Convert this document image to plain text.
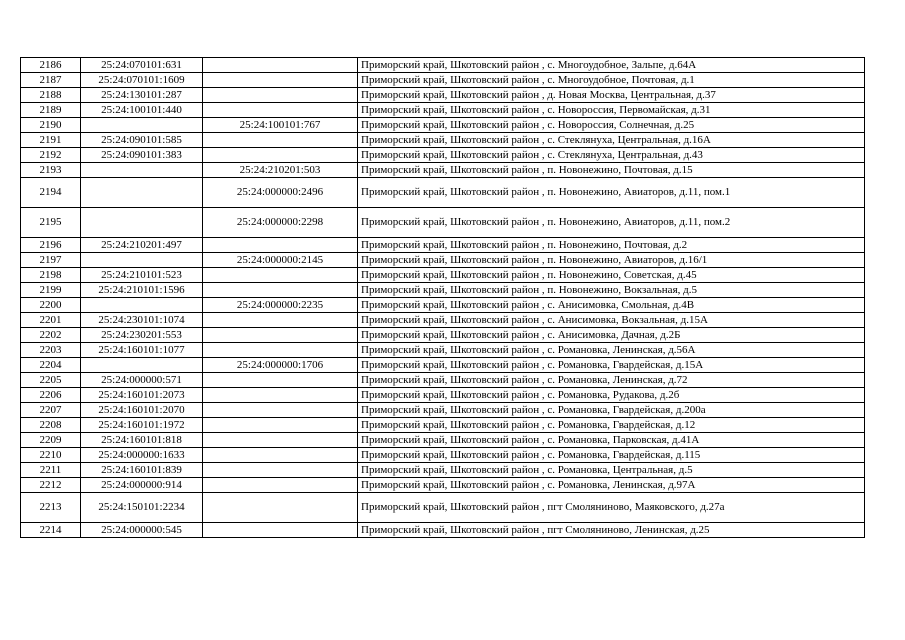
2186	25:24:070101:631		Приморский край, Шкотовский район , с. Многоудобное, Зальпе, д.64А
2187	25:24:070101:1609		Приморский край, Шкотовский район , с. Многоудобное, Почтовая, д.1
2188	25:24:130101:287		Приморский край, Шкотовский район , д. Новая Москва, Центральная, д.37
2189	25:24:100101:440		Приморский край, Шкотовский район , с. Новороссия, Первомайская, д.31
2190		25:24:100101:767	Приморский край, Шкотовский район , с. Новороссия, Солнечная, д.25
2191	25:24:090101:585		Приморский край, Шкотовский район , с. Стеклянуха, Центральная, д.16А
2192	25:24:090101:383		Приморский край, Шкотовский район , с. Стеклянуха, Центральная, д.43
2193		25:24:210201:503	Приморский край, Шкотовский район , п. Новонежино, Почтовая, д.15
2194		25:24:000000:2496	Приморский край, Шкотовский район , п. Новонежино, Авиаторов, д.11, пом.1
2195		25:24:000000:2298	Приморский край, Шкотовский район , п. Новонежино, Авиаторов, д.11, пом.2
2196	25:24:210201:497		Приморский край, Шкотовский район , п. Новонежино, Почтовая, д.2
2197		25:24:000000:2145	Приморский край, Шкотовский район , п. Новонежино, Авиаторов, д.16/1
2198	25:24:210101:523		Приморский край, Шкотовский район , п. Новонежино, Советская, д.45
2199	25:24:210101:1596		Приморский край, Шкотовский район , п. Новонежино, Вокзальная, д.5
2200		25:24:000000:2235	Приморский край, Шкотовский район , с. Анисимовка, Смольная, д.4В
2201	25:24:230101:1074		Приморский край, Шкотовский район , с. Анисимовка, Вокзальная, д.15А
2202	25:24:230201:553		Приморский край, Шкотовский район , с. Анисимовка, Дачная, д.2Б
2203	25:24:160101:1077		Приморский край, Шкотовский район , с. Романовка, Ленинская, д.56А
2204		25:24:000000:1706	Приморский край, Шкотовский район , с. Романовка, Гвардейская, д.15А
2205	25:24:000000:571		Приморский край, Шкотовский район , с. Романовка, Ленинская, д.72
2206	25:24:160101:2073		Приморский край, Шкотовский район , с. Романовка, Рудакова, д.2б
2207	25:24:160101:2070		Приморский край, Шкотовский район , с. Романовка, Гвардейская, д.200а
2208	25:24:160101:1972		Приморский край, Шкотовский район , с. Романовка, Гвардейская, д.12
2209	25:24:160101:818		Приморский край, Шкотовский район , с. Романовка, Парковская, д.41А
2210	25:24:000000:1633		Приморский край, Шкотовский район , с. Романовка, Гвардейская, д.115
2211	25:24:160101:839		Приморский край, Шкотовский район , с. Романовка, Центральная, д.5
2212	25:24:000000:914		Приморский край, Шкотовский район , с. Романовка, Ленинская, д.97А
2213	25:24:150101:2234		Приморский край, Шкотовский район , пгт Смоляниново, Маяковского, д.27а
2214	25:24:000000:545		Приморский край, Шкотовский район , пгт Смоляниново, Ленинская, д.25
